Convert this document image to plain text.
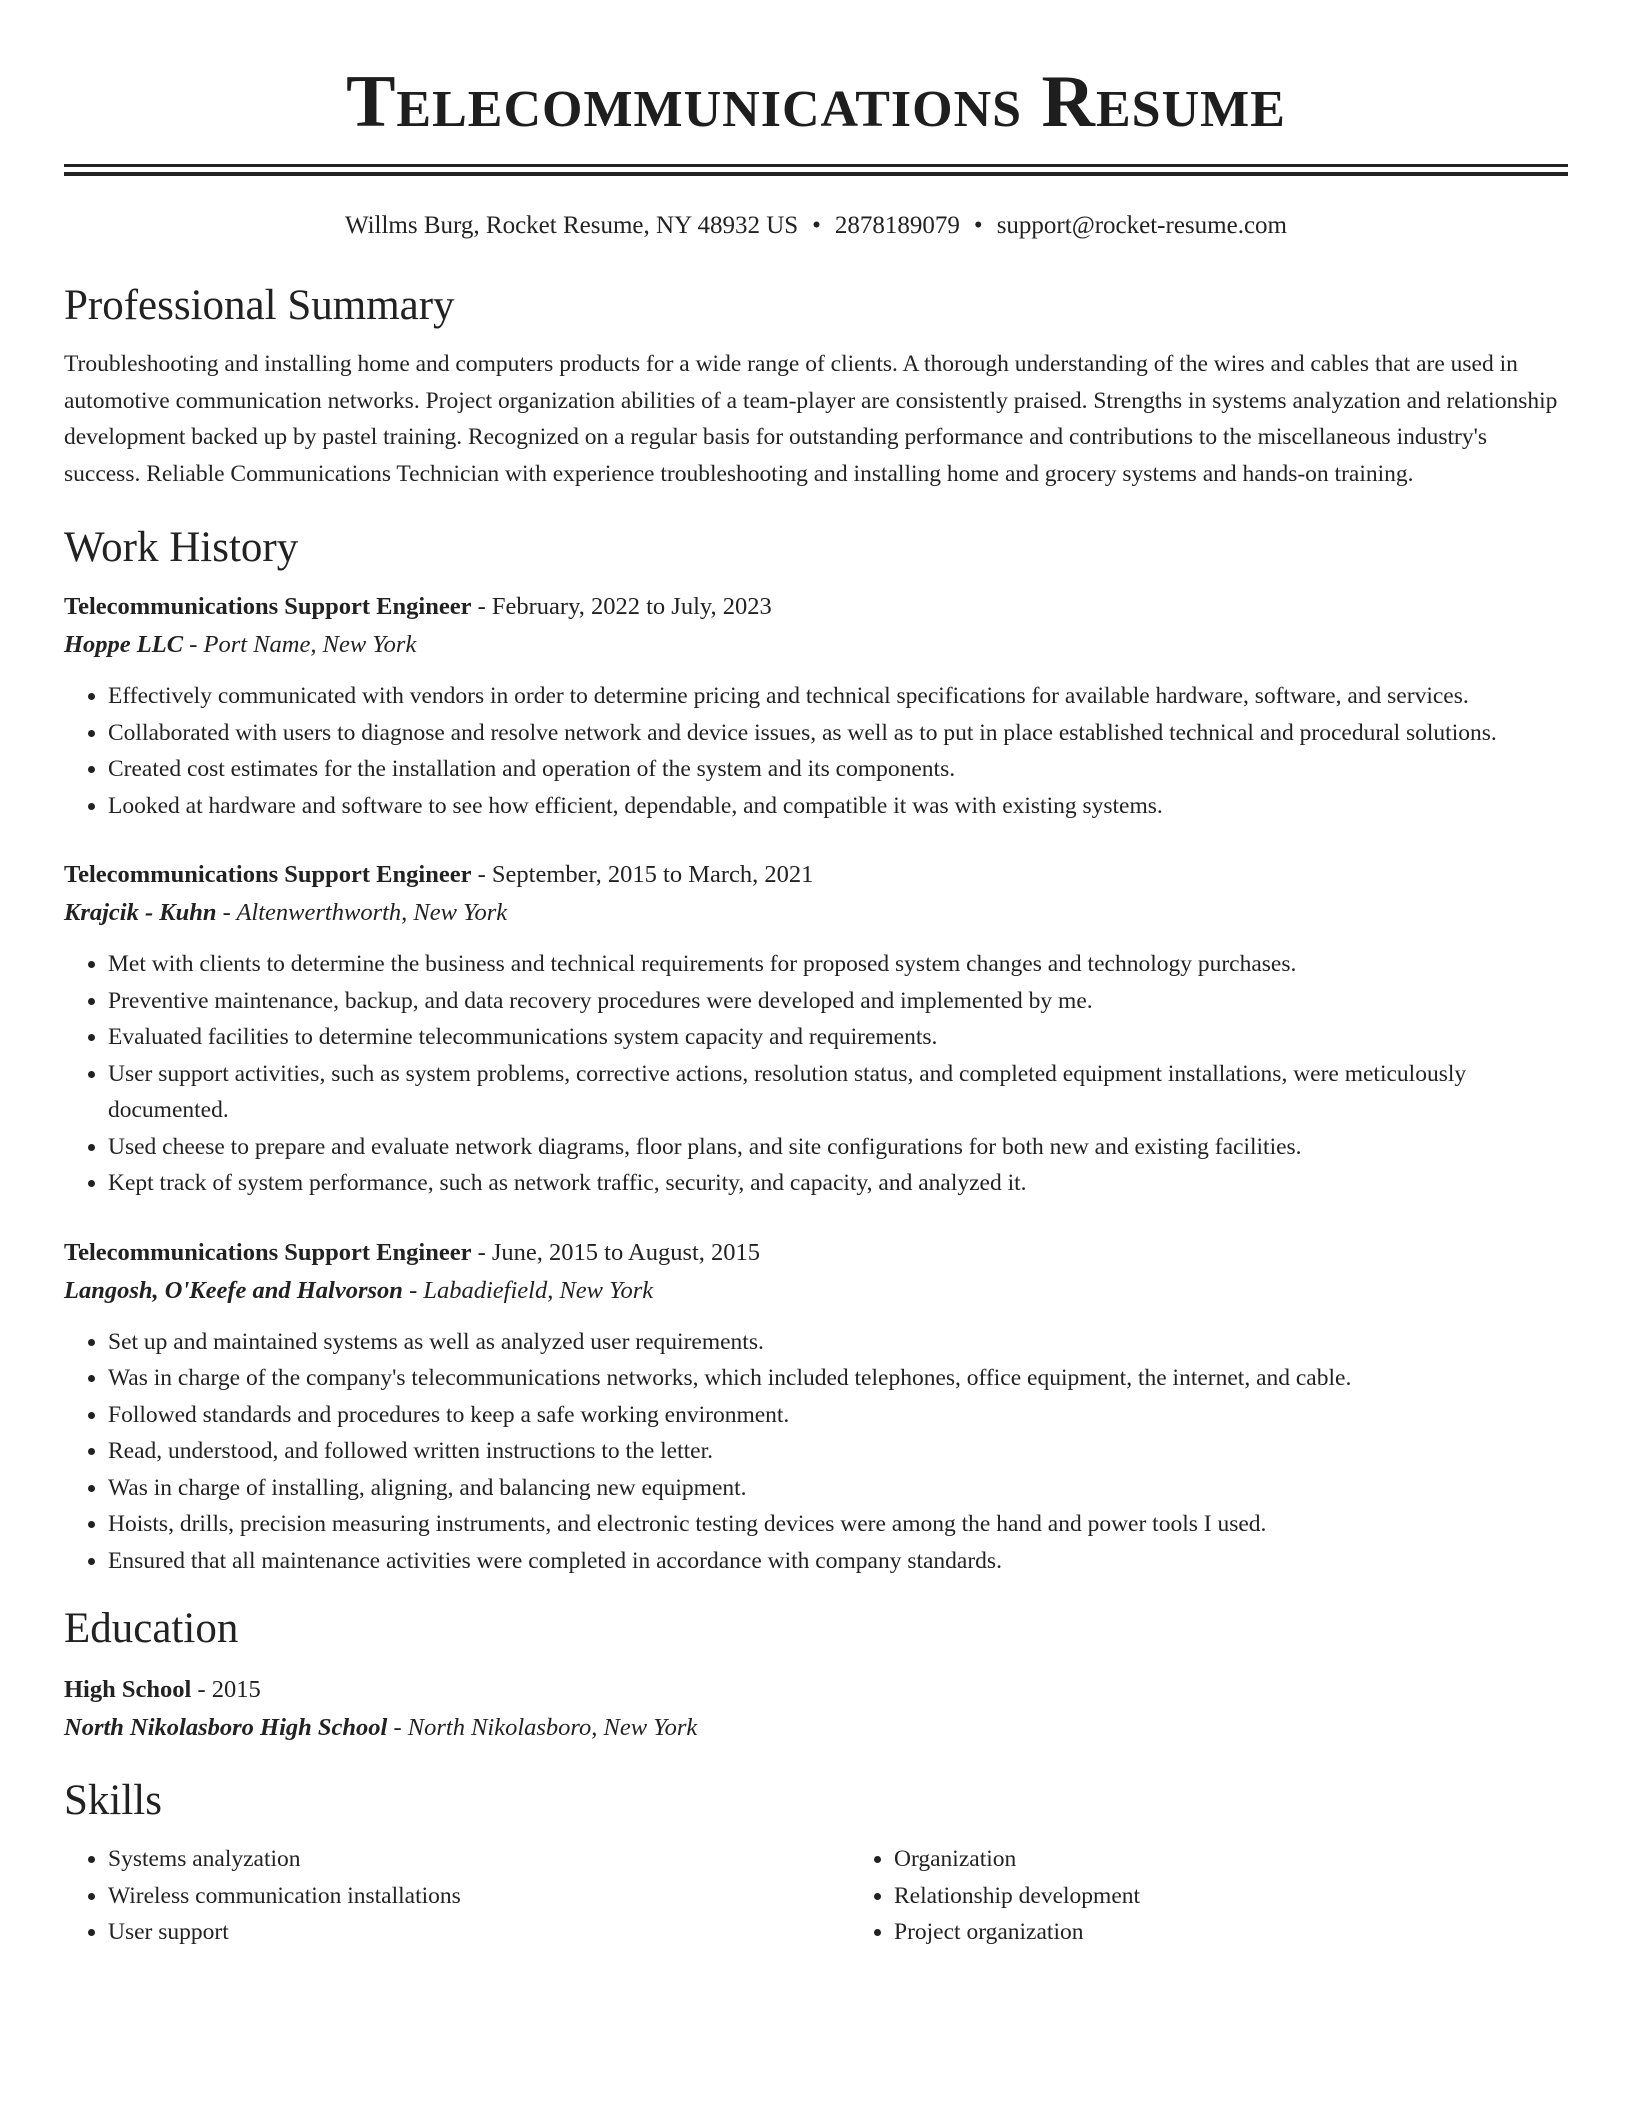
Telecommunications Resume
Willms Burg, Rocket Resume, NY 48932 US • 2878189079 • support@rocket-resume.com
Professional Summary

Troubleshooting and installing home and computers products for a wide range of clients. A thorough understanding of the wires and cables that are used in automotive communication networks. Project organization abilities of a team-player are consistently praised. Strengths in systems analyzation and relationship development backed up by pastel training. Recognized on a regular basis for outstanding performance and contributions to the miscellaneous industry's success. Reliable Communications Technician with experience troubleshooting and installing home and grocery systems and hands-on training.

Work History
Telecommunications Support Engineer - February, 2022 to July, 2023
Hoppe LLC - Port Name, New York
• Effectively communicated with vendors in order to determine pricing and technical specifications for available hardware, software, and services.
• Collaborated with users to diagnose and resolve network and device issues, as well as to put in place established technical and procedural solutions.
• Created cost estimates for the installation and operation of the system and its components.
• Looked at hardware and software to see how efficient, dependable, and compatible it was with existing systems.
Telecommunications Support Engineer - September, 2015 to March, 2021
Krajcik - Kuhn - Altenwerthworth, New York
• Met with clients to determine the business and technical requirements for proposed system changes and technology purchases.
• Preventive maintenance, backup, and data recovery procedures were developed and implemented by me.
• Evaluated facilities to determine telecommunications system capacity and requirements.
• User support activities, such as system problems, corrective actions, resolution status, and completed equipment installations, were meticulously documented.
• Used cheese to prepare and evaluate network diagrams, floor plans, and site configurations for both new and existing facilities.
• Kept track of system performance, such as network traffic, security, and capacity, and analyzed it.
Telecommunications Support Engineer - June, 2015 to August, 2015
Langosh, O'Keefe and Halvorson - Labadiefield, New York
• Set up and maintained systems as well as analyzed user requirements.
• Was in charge of the company's telecommunications networks, which included telephones, office equipment, the internet, and cable.
• Followed standards and procedures to keep a safe working environment.
• Read, understood, and followed written instructions to the letter.
• Was in charge of installing, aligning, and balancing new equipment.
• Hoists, drills, precision measuring instruments, and electronic testing devices were among the hand and power tools I used.
• Ensured that all maintenance activities were completed in accordance with company standards.
Education
High School - 2015
North Nikolasboro High School - North Nikolasboro, New York
Skills
• Systems analyzation
• Wireless communication installations
• User support
• Organization
• Relationship development
• Project organization
